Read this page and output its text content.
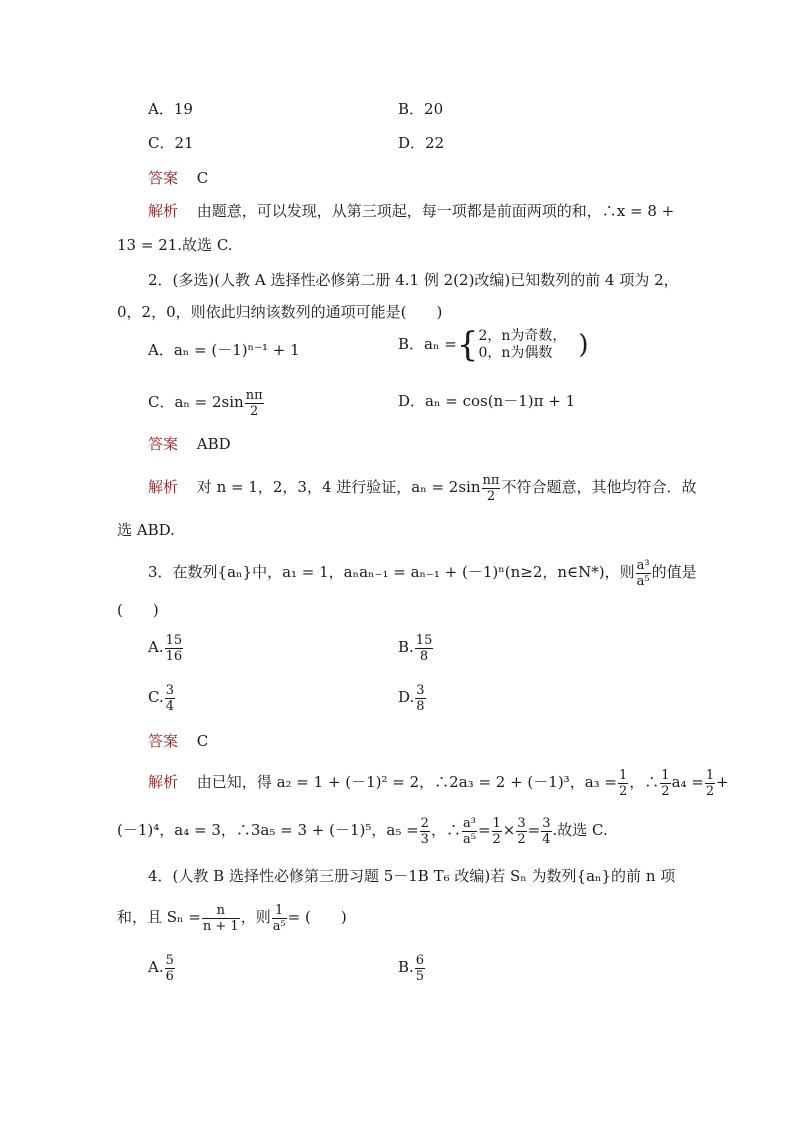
A．19	B．20
C．21	D．22
答案 C
解析 由题意，可以发现，从第三项起，每一项都是前面两项的和，∴x = 8 +
13 = 21.故选 C.
2．(多选)(人教 A 选择性必修第二册 4.1 例 2(2)改编)已知数列的前 4 项为 2，
0，2，0，则依此归纳该数列的通项可能是(　　)
A．aₙ = (－1)ⁿ⁻¹ + 1	B．aₙ ={ 2，n为奇数，
0，n为偶数	)
C．$a_n = 2\sin \frac{n\pi}{2}$	D．aₙ = cos(n－1)π + 1
答案 ABD
解析 对 n = 1，2，3，4 进行验证，$a_n = 2\sin \frac{n\pi}{2}$ 不符合题意，其他均符合．故
选 ABD.
3．在数列{aₙ}中，a₁ = 1，aₙaₙ₋₁ = aₙ₋₁ + (－1)ⁿ(n≥2，n∈N*)，则 $\frac{\text{a³}}{\text{a⁵}}$ 的值是
(　　)
A. $\frac{15}{16}$	B. $\frac{15}{8}$
C. $\frac{3}{4}$	D. $\frac{3}{8}$
答案 C
解析 由已知，得 a₂ = 1 + (－1)² = 2，∴2a₃ = 2 + (－1)³，$a_3 = \frac{1}{2}$ ，∴ $\frac{1}{2} a_4 = \frac{1}{2}$ +
(－1)⁴，a₄ = 3，∴3a₅ = 3 + (－1)⁵，$a_5 = \frac{2}{3}$ ，∴ $\frac{\text{a³}}{\text{a⁵}} = \frac{1}{2} \times \frac{3}{2} = \frac{3}{4}$ .故选 C.
4．(人教 B 选择性必修第三册习题 5－1B T₆ 改编)若 Sₙ 为数列{aₙ}的前 n 项
和，且 $S_n = \frac{n}{n + 1}$ ，则 $\frac{1}{\text{a⁵}}$ = (　　)
A. $\frac{5}{6}$	B. $\frac{6}{5}$
